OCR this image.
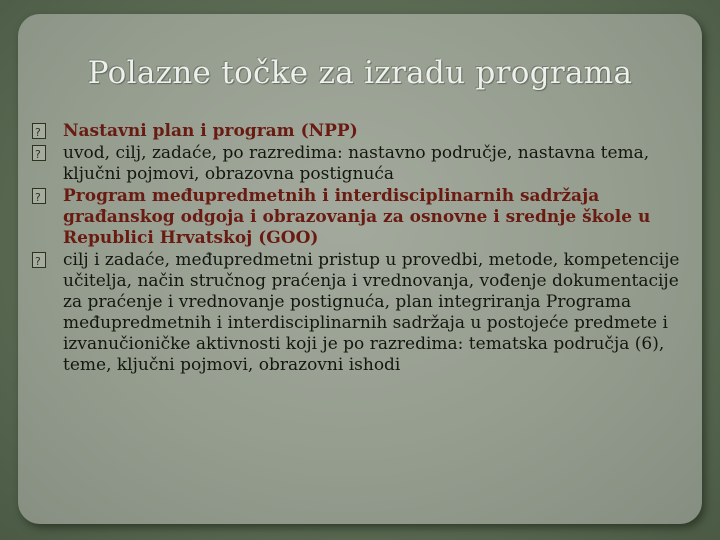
Polazne točke za izradu programa
?
Nastavni plan i program (NPP)
?
uvod, cilj, zadaće, po razredima: nastavno područje, nastavna tema, ključni pojmovi, obrazovna postignuća
?
Program međupredmetnih i interdisciplinarnih sadržaja građanskog odgoja i obrazovanja za osnovne i srednje škole u Republici Hrvatskoj (GOO)
?
cilj i zadaće, međupredmetni pristup u provedbi, metode, kompetencije učitelja, način stručnog praćenja i vrednovanja, vođenje dokumentacije za praćenje i vrednovanje postignuća, plan integriranja Programa međupredmetnih i interdisciplinarnih sadržaja u postojeće predmete i izvanučioničke aktivnosti koji je po razredima: tematska područja (6), teme, ključni pojmovi, obrazovni ishodi
